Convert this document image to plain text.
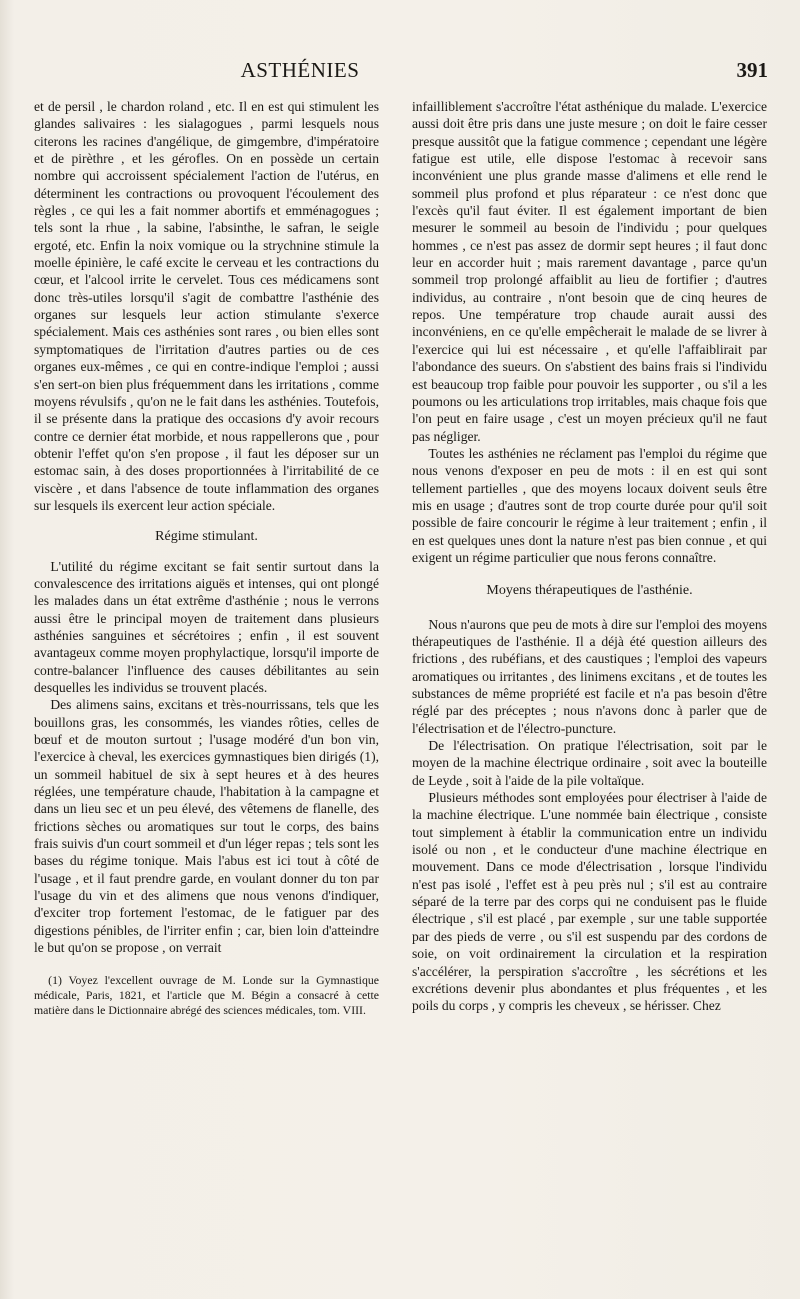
ASTHÉNIES	391

et de persil , le chardon roland , etc. Il en est qui stimulent les glandes salivaires : les sialagogues , parmi lesquels nous citerons les racines d'angélique, de gimgembre, d'impératoire et de pirèthre , et les gérofles. On en possède un certain nombre qui accroissent spécialement l'action de l'utérus, en déterminent les contractions ou provoquent l'écoulement des règles , ce qui les a fait nommer abortifs et emménagogues ; tels sont la rhue , la sabine, l'absinthe, le safran, le seigle ergoté, etc. Enfin la noix vomique ou la strychnine stimule la moelle épinière, le café excite le cerveau et les contractions du cœur, et l'alcool irrite le cervelet. Tous ces médicamens sont donc très-utiles lorsqu'il s'agit de combattre l'asthénie des organes sur lesquels leur action stimulante s'exerce spécialement. Mais ces asthénies sont rares , ou bien elles sont symptomatiques de l'irritation d'autres parties ou de ces organes eux-mêmes , ce qui en contre-indique l'emploi ; aussi s'en sert-on bien plus fréquemment dans les irritations , comme moyens révulsifs , qu'on ne le fait dans les asthénies. Toutefois, il se présente dans la pratique des occasions d'y avoir recours contre ce dernier état morbide, et nous rappellerons que , pour obtenir l'effet qu'on s'en propose , il faut les déposer sur un estomac sain, à des doses proportionnées à l'irritabilité de ce viscère , et dans l'absence de toute inflammation des organes sur lesquels ils exercent leur action spéciale.

Régime stimulant.

L'utilité du régime excitant se fait sentir surtout dans la convalescence des irritations aiguës et intenses, qui ont plongé les malades dans un état extrême d'asthénie ; nous le verrons aussi être le principal moyen de traitement dans plusieurs asthénies sanguines et sécrétoires ; enfin , il est souvent avantageux comme moyen prophylactique, lorsqu'il importe de contre-balancer l'influence des causes débilitantes au sein desquelles les individus se trouvent placés.

Des alimens sains, excitans et très-nourrissans, tels que les bouillons gras, les consommés, les viandes rôties, celles de bœuf et de mouton surtout ; l'usage modéré d'un bon vin, l'exercice à cheval, les exercices gymnastiques bien dirigés (1), un sommeil habituel de six à sept heures et à des heures réglées, une température chaude, l'habitation à la campagne et dans un lieu sec et un peu élevé, des vêtemens de flanelle, des frictions sèches ou aromatiques sur tout le corps, des bains frais suivis d'un court sommeil et d'un léger repas ; tels sont les bases du régime tonique. Mais l'abus est ici tout à côté de l'usage , et il faut prendre garde, en voulant donner du ton par l'usage du vin et des alimens que nous venons d'indiquer, d'exciter trop fortement l'estomac, de le fatiguer par des digestions pénibles, de l'irriter enfin ; car, bien loin d'atteindre le but qu'on se propose , on verrait

(1) Voyez l'excellent ouvrage de M. Londe sur la Gymnastique médicale, Paris, 1821, et l'article que M. Bégin a consacré à cette matière dans le Dictionnaire abrégé des sciences médicales, tom. VIII.

infailliblement s'accroître l'état asthénique du malade. L'exercice aussi doit être pris dans une juste mesure ; on doit le faire cesser presque aussitôt que la fatigue commence ; cependant une légère fatigue est utile, elle dispose l'estomac à recevoir sans inconvénient une plus grande masse d'alimens et elle rend le sommeil plus profond et plus réparateur : ce n'est donc que l'excès qu'il faut éviter. Il est également important de bien mesurer le sommeil au besoin de l'individu ; pour quelques hommes , ce n'est pas assez de dormir sept heures ; il faut donc leur en accorder huit ; mais rarement davantage , parce qu'un sommeil trop prolongé affaiblit au lieu de fortifier ; d'autres individus, au contraire , n'ont besoin que de cinq heures de repos. Une température trop chaude aurait aussi des inconvéniens, en ce qu'elle empêcherait le malade de se livrer à l'exercice qui lui est nécessaire , et qu'elle l'affaiblirait par l'abondance des sueurs. On s'abstient des bains frais si l'individu est beaucoup trop faible pour pouvoir les supporter , ou s'il a les poumons ou les articulations trop irritables, mais chaque fois que l'on peut en faire usage , c'est un moyen précieux qu'il ne faut pas négliger.

Toutes les asthénies ne réclament pas l'emploi du régime que nous venons d'exposer en peu de mots : il en est qui sont tellement partielles , que des moyens locaux doivent seuls être mis en usage ; d'autres sont de trop courte durée pour qu'il soit possible de faire concourir le régime à leur traitement ; enfin , il en est quelques unes dont la nature n'est pas bien connue , et qui exigent un régime particulier que nous ferons connaître.

Moyens thérapeutiques de l'asthénie.

Nous n'aurons que peu de mots à dire sur l'emploi des moyens thérapeutiques de l'asthénie. Il a déjà été question ailleurs des frictions , des rubéfians, et des caustiques ; l'emploi des vapeurs aromatiques ou irritantes , des linimens excitans , et de toutes les substances de même propriété est facile et n'a pas besoin d'être réglé par des préceptes ; nous n'avons donc à parler que de l'électrisation et de l'électro-puncture.

De l'électrisation. On pratique l'électrisation, soit par le moyen de la machine électrique ordinaire , soit avec la bouteille de Leyde , soit à l'aide de la pile voltaïque.

Plusieurs méthodes sont employées pour électriser à l'aide de la machine électrique. L'une nommée bain électrique , consiste tout simplement à établir la communication entre un individu isolé ou non , et le conducteur d'une machine électrique en mouvement. Dans ce mode d'électrisation , lorsque l'individu n'est pas isolé , l'effet est à peu près nul ; s'il est au contraire séparé de la terre par des corps qui ne conduisent pas le fluide électrique , s'il est placé , par exemple , sur une table supportée par des pieds de verre , ou s'il est suspendu par des cordons de soie, on voit ordinairement la circulation et la respiration s'accélérer, la perspiration s'accroître , les sécrétions et les excrétions devenir plus abondantes et plus fréquentes , et les poils du corps , y compris les cheveux , se hérisser. Chez
